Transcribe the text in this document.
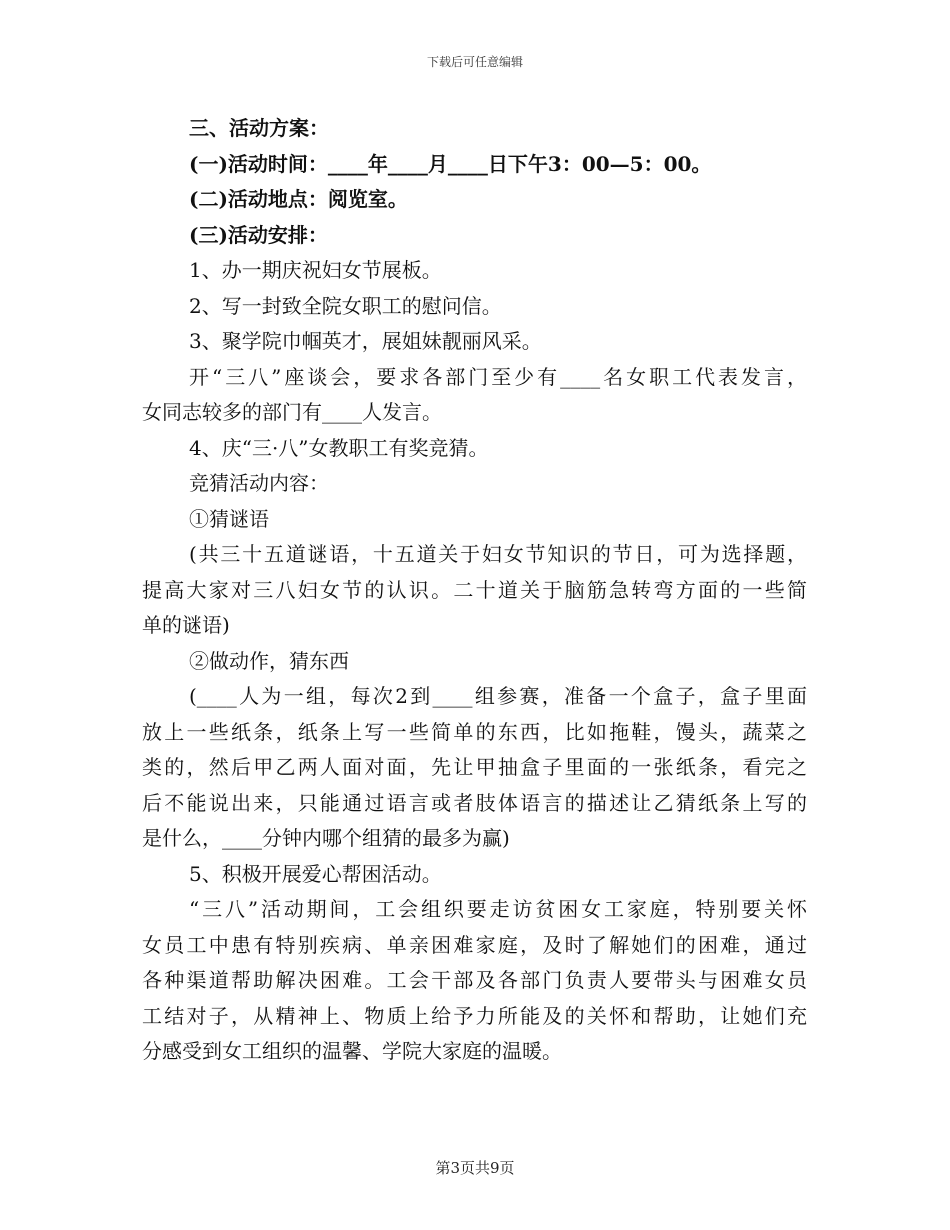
下载后可任意编辑
三、活动方案：
(一)活动时间：____年____月____日下午3：00—5：00。
(二)活动地点：阅览室。
(三)活动安排：
1、办一期庆祝妇女节展板。
2、写一封致全院女职工的慰问信。
3、聚学院巾帼英才，展姐妹靓丽风采。
开“三八”座谈会，要求各部门至少有____名女职工代表发言，
女同志较多的部门有____人发言。
4、庆“三·八”女教职工有奖竞猜。
竞猜活动内容：
①猜谜语
(共三十五道谜语，十五道关于妇女节知识的节日，可为选择题，
提高大家对三八妇女节的认识。二十道关于脑筋急转弯方面的一些简
单的谜语)
②做动作，猜东西
(____人为一组，每次2到____组参赛，准备一个盒子，盒子里面
放上一些纸条，纸条上写一些简单的东西，比如拖鞋，馒头，蔬菜之
类的，然后甲乙两人面对面，先让甲抽盒子里面的一张纸条，看完之
后不能说出来，只能通过语言或者肢体语言的描述让乙猜纸条上写的
是什么，____分钟内哪个组猜的最多为赢)
5、积极开展爱心帮困活动。
“三八”活动期间，工会组织要走访贫困女工家庭，特别要关怀
女员工中患有特别疾病、单亲困难家庭，及时了解她们的困难，通过
各种渠道帮助解决困难。工会干部及各部门负责人要带头与困难女员
工结对子，从精神上、物质上给予力所能及的关怀和帮助，让她们充
分感受到女工组织的温馨、学院大家庭的温暖。
第3页共9页
